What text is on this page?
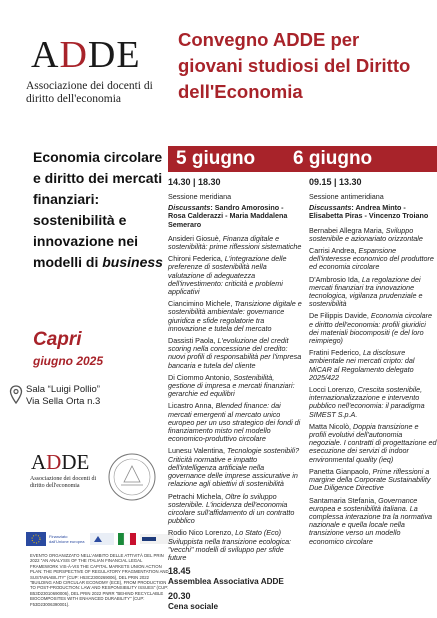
ADDE
Associazione dei docenti di diritto dell'economia
Convegno ADDE per giovani studiosi del Diritto dell'Economia
Economia circolare e diritto dei mercati finanziari: sostenibilità e innovazione nei modelli di business
Capri
giugno 2025
Sala “Luigi Pollio”
Via Sella Orta n.3
ADDE
Associazione dei docenti di diritto dell'economia
Finanziato
dall'Unione europea
EVENTO ORGANIZZATO NELL'AMBITO DELLE ATTIVITÀ DEL PRIN 2022 "AN ANALYSIS OF THE ITALIAN FINANCIAL LEGAL FRAMEWORK VIS-À-VIS THE CAPITAL MARKETS UNION ACTION PLAN: THE PERSPECTIVE OF REGULATORY FRAGMENTATION AND SUSTAINABILITY" (CUP: H53C2300269006), DEL PRIN 2022 "BUILDING AND CIRCULAR ECONOMY (ECE), FROM PRODUCTION TO POST-PRODUCTION: LAW AND RESPONSIBILITY ISSUES" (CUP: B53D23010690006), DEL PRIN 2022 PNRR "BEHIND RECYCLABLE BIOCOMPOSITES WITH ENHANCED DURABILITY" (CUP: F53D23006390001).
5 giugno 6 giugno
14.30 | 18.30
Sessione meridiana
Discussants: Sandro Amorosino - Rosa Calderazzi - Maria Maddalena Semeraro
Ansideri Giosuè, Finanza digitale e sostenibilità: prime riflessioni sistematiche
Chironi Federica, L'integrazione delle preferenze di sostenibilità nella valutazione di adeguatezza dell'investimento: criticità e problemi applicativi
Ciancimino Michele, Transizione digitale e sostenibilità ambientale: governance giuridica e sfide regolatorie tra innovazione e tutela del mercato
Dassisti Paola, L'evoluzione del credit scoring nella concessione del credito: nuovi profili di responsabilità per l'impresa bancaria e tutela del cliente
Di Ciommo Antonio, Sostenibilità, gestione di impresa e mercati finanziari: gerarchie ed equilibri
Licastro Anna, Blended finance: dai mercati emergenti al mercato unico europeo per un uso strategico dei fondi di finanziamento misto nel modello economico-produttivo circolare
Lunesu Valentina, Tecnologie sostenibili? Criticità normative e impatto dell'intelligenza artificiale nella governance delle imprese assicurative in relazione agli obiettivi di sostenibilità
Petrachi Michela, Oltre lo sviluppo sostenibile. L'incidenza dell'economia circolare sull'affidamento di un contratto pubblico
Rodio Nico Lorenzo, Lo Stato (Eco) Sviluppista nella transizione ecologica: "vecchi" modelli di sviluppo per sfide future
18.45
Assemblea Associativa ADDE
20.30
Cena sociale
09.15 | 13.30
Sessione antimeridiana
Discussants: Andrea Minto - Elisabetta Piras - Vincenzo Troiano
Bernabei Allegra Maria, Sviluppo sostenibile e azionariato orizzontale
Carrisi Andrea, Espansione dell'interesse economico del produttore ed economia circolare
D'Ambrosio Ida, La regolazione dei mercati finanziari tra innovazione tecnologica, vigilanza prudenziale e sostenibilità
De Filippis Davide, Economia circolare e diritto dell'economia: profili giuridici dei materiali biocompositi (e del loro reimpiego)
Fratini Federico, La disclosure ambientale nei mercati cripto: dal MiCAR al Regolamento delegato 2025/422
Locci Lorenzo, Crescita sostenibile, internazionalizzazione e intervento pubblico nell'economia: il paradigma SIMEST S.p.A.
Matta Nicolò, Doppia transizione e profili evolutivi dell'autonomia negoziale. I contratti di progettazione ed esecuzione dei servizi di indoor environmental quality (ieq)
Panetta Gianpaolo, Prime riflessioni a margine della Corporate Sustainability Due Diligence Directive
Santamaria Stefania, Governance europea e sostenibilità italiana. La complessa interazione tra la normativa nazionale e quella locale nella transizione verso un modello economico circolare
